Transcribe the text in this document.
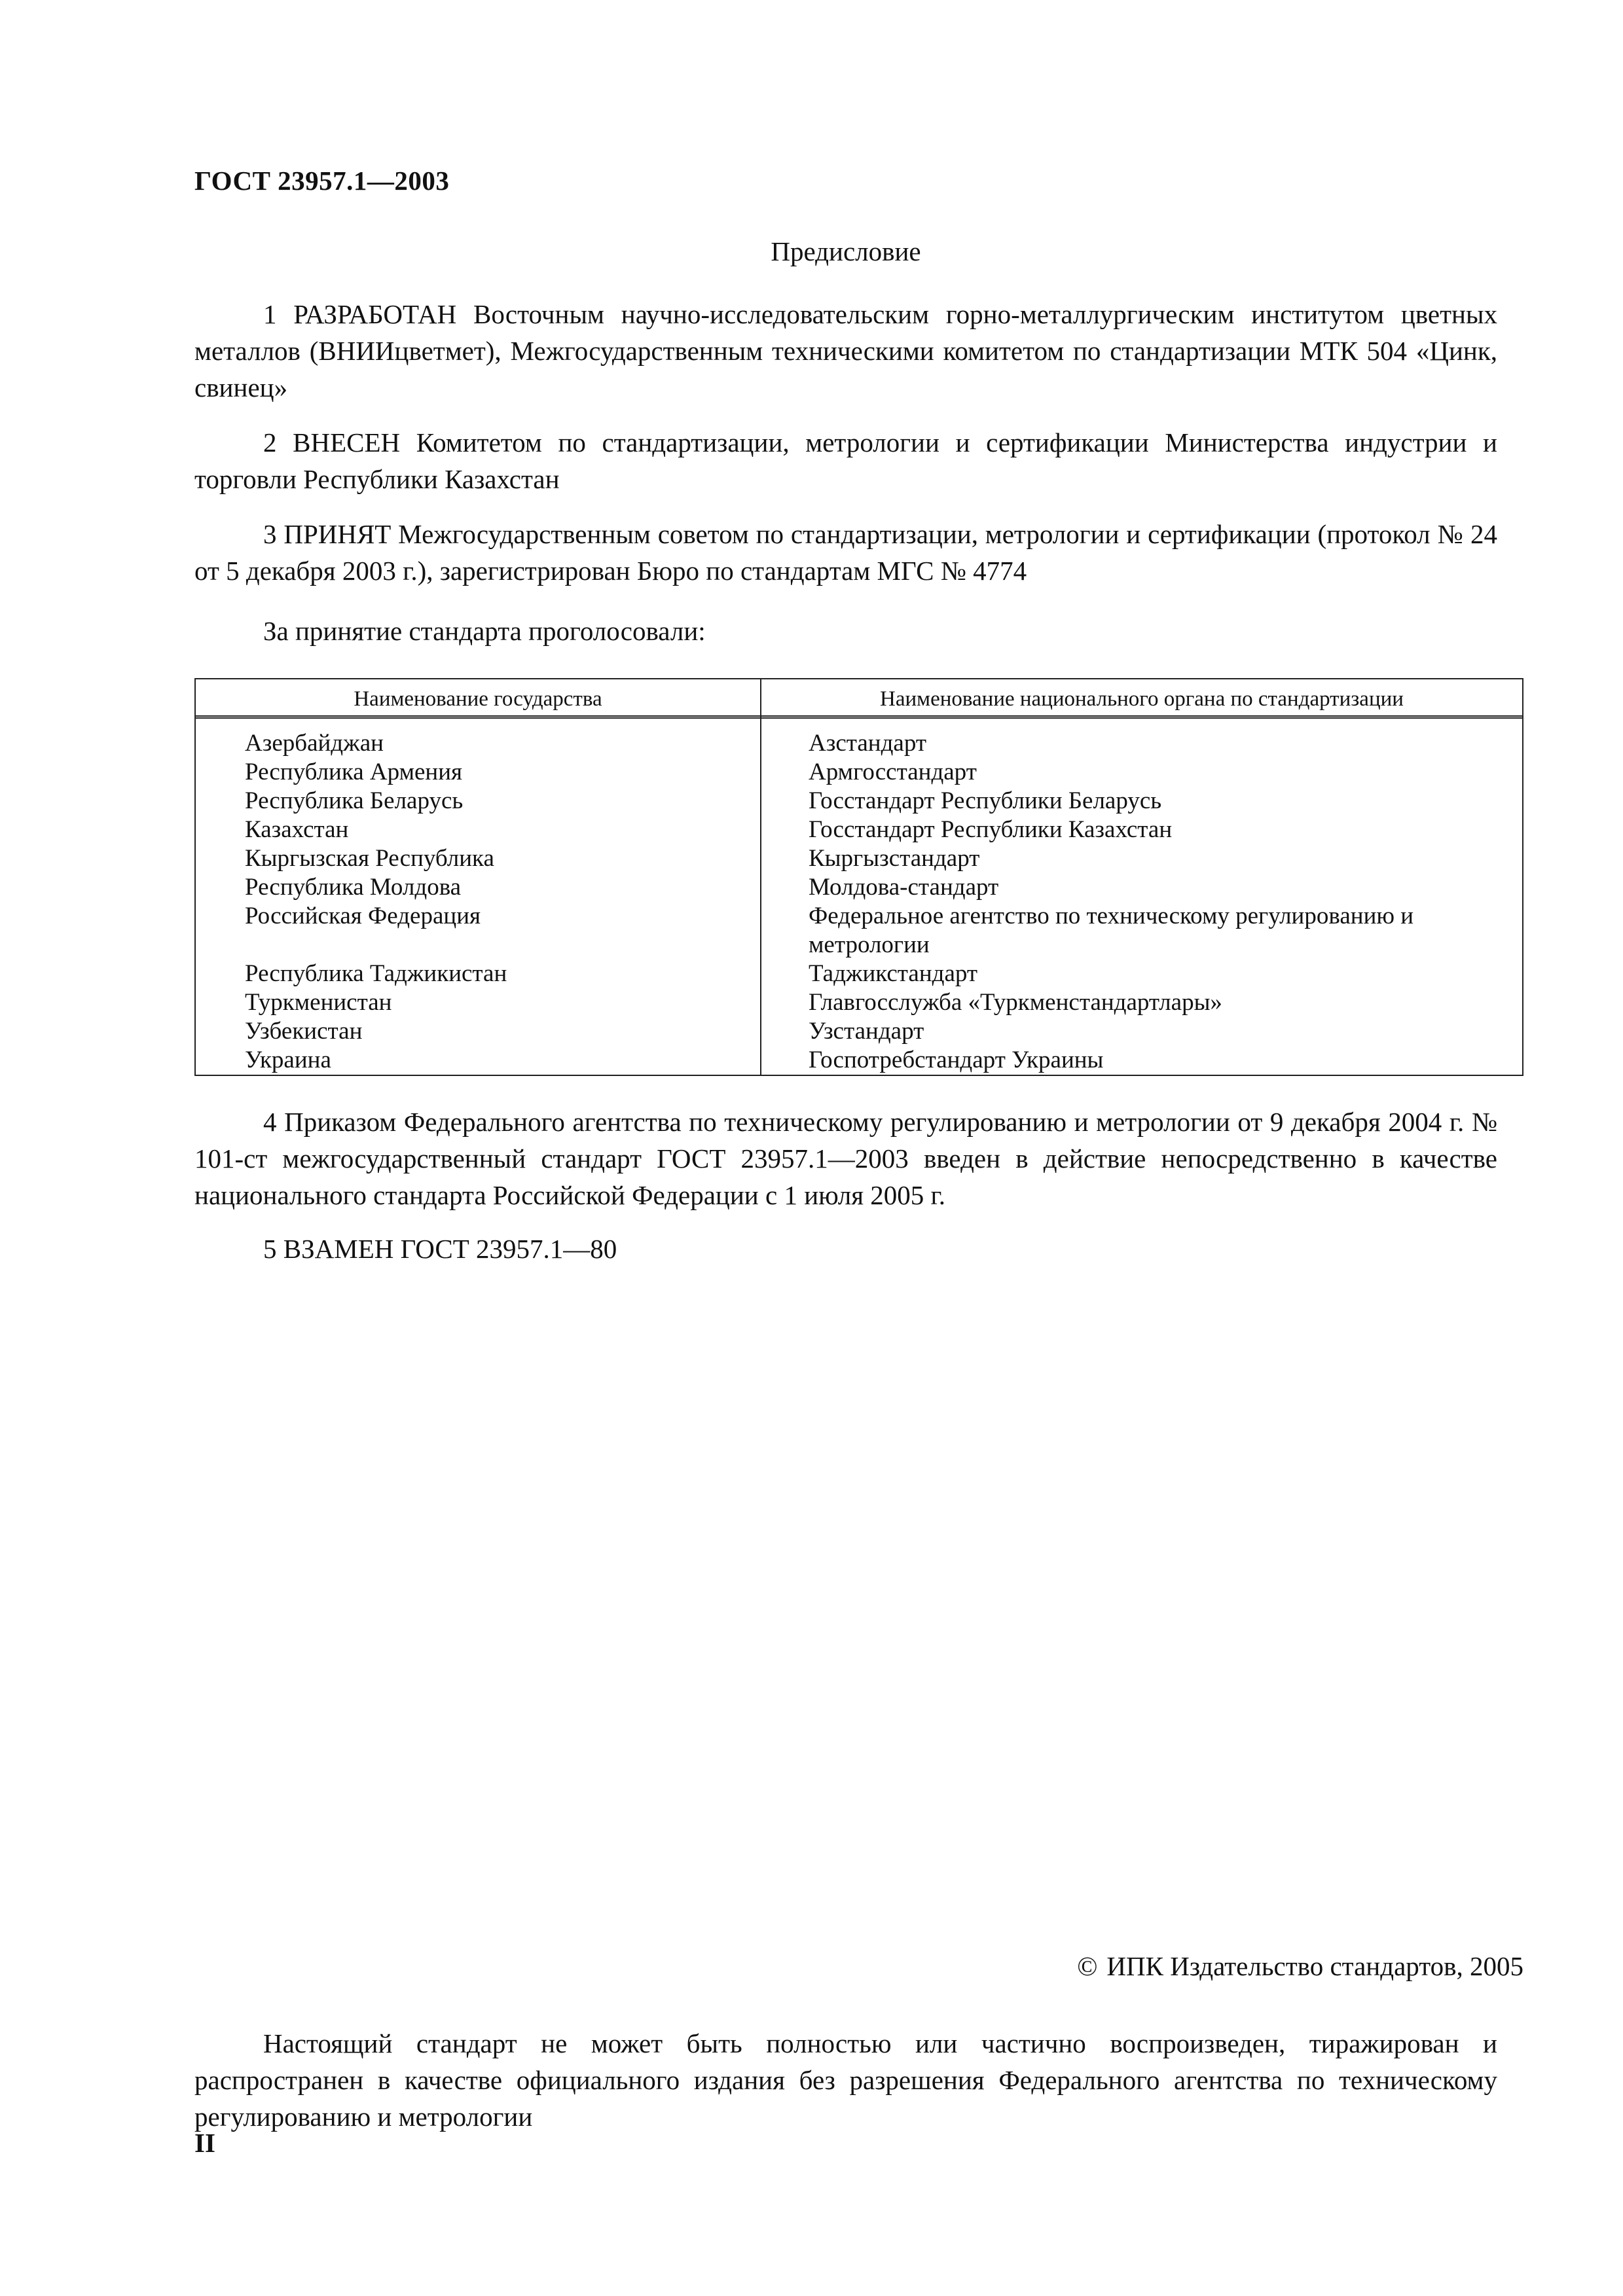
ГОСТ 23957.1—2003
Предисловие
1 РАЗРАБОТАН Восточным научно-исследовательским горно-металлургическим институтом цветных металлов (ВНИИцветмет), Межгосударственным техническими комитетом по стандартизации МТК 504 «Цинк, свинец»
2 ВНЕСЕН Комитетом по стандартизации, метрологии и сертификации Министерства индустрии и торговли Республики Казахстан
3 ПРИНЯТ Межгосударственным советом по стандартизации, метрологии и сертификации (протокол № 24 от 5 декабря 2003 г.), зарегистрирован Бюро по стандартам МГС № 4774
За принятие стандарта проголосовали:
Наименование государства	Наименование национального органа по стандартизации
Азербайджан
Республика Армения
Республика Беларусь
Казахстан
Кыргызская Республика
Республика Молдова
Российская Федерация
Республика Таджикистан
Туркменистан
Узбекистан
Украина
Азстандарт
Армгосстандарт
Госстандарт Республики Беларусь
Госстандарт Республики Казахстан
Кыргызстандарт
Молдова-стандарт
Федеральное агентство по техническому регулированию и метрологии
Таджикстандарт
Главгосслужба «Туркменстандартлары»
Узстандарт
Госпотребстандарт Украины
4 Приказом Федерального агентства по техническому регулированию и метрологии от 9 декабря 2004 г. № 101-ст межгосударственный стандарт ГОСТ 23957.1—2003 введен в действие непосредственно в качестве национального стандарта Российской Федерации с 1 июля 2005 г.
5 ВЗАМЕН ГОСТ 23957.1—80
© ИПК Издательство стандартов, 2005
Настоящий стандарт не может быть полностью или частично воспроизведен, тиражирован и распространен в качестве официального издания без разрешения Федерального агентства по техническому регулированию и метрологии
II
